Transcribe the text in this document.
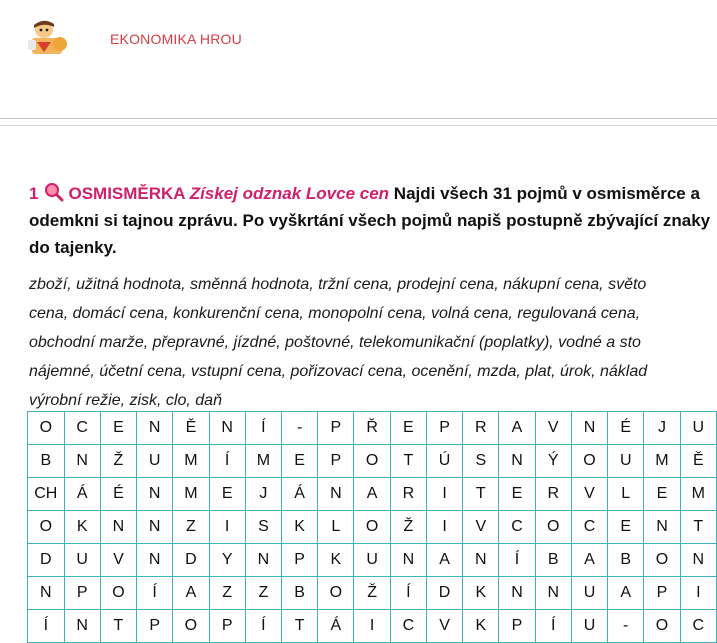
EKONOMIKA HROU
1 OSMISMĚRKA Získej odznak Lovce cen Najdi všech 31 pojmů v osmisměrce a
odemkni si tajnou zprávu. Po vyškrtání všech pojmů napiš postupně zbývající znaky
do tajenky.
zboží, užitná hodnota, směnná hodnota, tržní cena, prodejní cena, nákupní cena, světo
cena, domácí cena, konkurenční cena, monopolní cena, volná cena, regulovaná cena,
obchodní marže, přepravné, jízdné, poštovné, telekomunikační (poplatky), vodné a sto
nájemné, účetní cena, vstupní cena, pořizovací cena, ocenění, mzda, plat, úrok, náklad
výrobní režie, zisk, clo, daň
O	C	E	N	Ě	N	Í	-	P	Ř	E	P	R	A	V	N	É	J	U
B	N	Ž	U	M	Í	M	E	P	O	T	Ú	S	N	Ý	O	U	M	Ě
CH	Á	É	N	M	E	J	Á	N	A	R	I	T	E	R	V	L	E	M
O	K	N	N	Z	I	S	K	L	O	Ž	I	V	C	O	C	E	N	T
D	U	V	N	D	Y	N	P	K	U	N	A	N	Í	B	A	B	O	N
N	P	O	Í	A	Z	Z	B	O	Ž	Í	D	K	N	N	U	A	P	I
Í	N	T	P	O	P	Í	T	Á	I	C	V	K	P	Í	U	-	O	C
